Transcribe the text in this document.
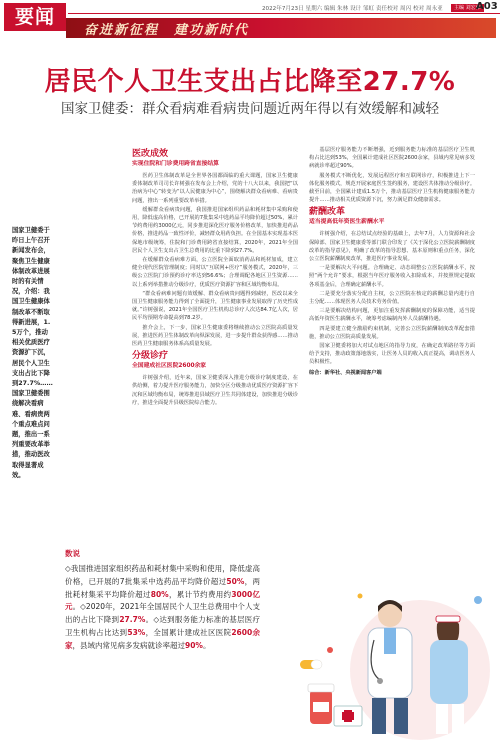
要闻	2022年7月23日 星期六 编辑 朱林 设计 邹虹 责任校对 周闪 校对 周永亚	主编 刘宏伟
A03
奋进新征程　建功新时代
居民个人卫生支出占比降至27.7%
国家卫健委：群众看病难看病贵问题近两年得以有效缓解和减轻
国家卫健委于昨日上午召开新闻发布会，聚焦卫生健康体制改革进展时的有关情况，介绍：我国卫生健康体制改革不断取得新进展，1.5万个，推动相关优质医疗资源扩下沉，居民个人卫生支出占比下降到27.7%……国家卫健委围绕解决看病难、看病贵两个重点难点问题，推出一系列重要改革举措，推动医改取得显著成效。
医改成效
实现住院和门诊费用跨省直接结算

医药卫生体制改革是全世界各国都面临的重大课题，国家卫生健康委体制改革司司长许树强在发布会上介绍，党的十八大以来，我国把“以治病为中心”转变为“以人民健康为中心”，围绕解决群众看病难、看病贵问题，推出一系列重要改革举措。

缓解群众看病贵问题，我国推进国家组织药品和耗材集中采购和使用，降低虚高价格，已开展的7批集采中选药品平均降价超过50%，累计节约费用约3000亿元，同步推进深化医疗服务价格改革，加快推进药品价格，推进药品一致性评价，减轻群众用药负担。在全国基本实现基本医保地市级统筹，住院和门诊费用跨省直接结算，2020年，2021年全国居民个人卫生支出占卫生总费用的比重下降到27.7%。

在缓解群众看病难方面，公立医院全面取消药品和耗材加成，建立健全现代医院管理制度；同时以“互联网+医疗”服务模式，2020年，三级公立医院门诊预约诊疗率达到56.6%；合理调配各地区卫生资源……以上系列举措推动分级诊疗，优质医疗资源扩容和区域均衡布局。

“群众看病难问题有效缓解、群众看病贵问题得到减轻，医改以来全国卫生健康服务能力得到了全面提升，卫生健康事业发展取得了历史性成就。”许树强说，2021年全国医疗卫生机构总诊疗人次达84.7亿人次，居民平均预期寿命提高到78.2岁。

推介会上，下一步，国家卫生健康委将继续推动公立医院高质量发展，推进医药卫生体制改革向纵深发展，进一步提升群众获得感……推动医药卫生健康服务体系高质量发展。

分级诊疗
全国建成社区医院2600余家

许树强介绍，近年来，国家卫健委深入推进分级诊疗制度建设，在供给侧，着力提升医疗服务能力，加快分区分级推动优质医疗资源扩容下沉和区域均衡布局，统筹推进县域医疗卫生共同体建设，加快推进分级诊疗，推进全面提升县级医院综合能力。

基层医疗服务能力不断增强，近到服务能力标准的基层医疗卫生机构占比达到53%，全国累计建成社区医院2600余家，县域内常见病多发病就诊率超过90%。

服务模式不断优化，发展远程医疗和互联网诊疗，积极推进上下一体化服务模式，规范开展家庭医生签约服务，建设医共体推动分级诊疗。截至目前，全国累计建成1.5万个，推动基层医疗卫生机构健康服务能力提升……推动相关优质资源下沉，努力满足群众健康需求。

薪酬改革
适当提高低年资医生薪酬水平

许树强介绍，在总结试点经验的基础上，去年7月，人力资源和社会保障部、国家卫生健康委等部门联合印发了《关于深化公立医院薪酬制度改革的指导意见》，明确了改革的指导思想、基本原则和重点任务，深化公立医院薪酬制度改革，推进医疗事业发展。

一是要解决大平问题。合理确定、动态调整公立医院薪酬水平，按照“两个允许”要求，根据当年医疗服务收入扣除成本，并按照规定提取各项基金后，合理确定薪酬水平。

二是要充分落实分配自主权，公立医院在核定的薪酬总量内进行自主分配……体现医务人员技术劳务价值。

三是要解决结构问题，更加注重发挥薪酬制度的保障功能，适当提高低年资医生薪酬水平，统筹考虑编制内外人员薪酬待遇。

四是要建立健全激励约束机制，完善公立医院薪酬制度改革配套措施，推动公立医院高质量发展。

国家卫健委将加大对试点地区的指导力度，在确定改革路径等方面给予支持，推动政策落地落实，让医务人员的收入真正提高，调动医务人员积极性。

综合：新华社、央视新闻客户端

数说
◇我国推进国家组织药品和耗材集中采购和使用，降低虚高价格，已开展的7批集采中选药品平均降价超过50%，两批耗材集采平均降价超过80%，累计节约费用约3000亿元。◇2020年，2021年全国居民个人卫生总费用中个人支出的占比下降到27.7%。◇达到服务能力标准的基层医疗卫生机构占比达到53%，全国累计建成社区医院2600余家，县域内常见病多发病就诊率超过90%。
